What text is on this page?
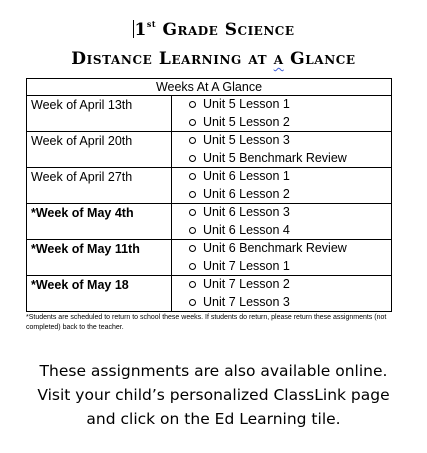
1st Grade Science
Distance Learning at a Glance
Weeks At A Glance	
Week of April 13th	Unit 5 Lesson 1
Unit 5 Lesson 2

Week of April 20th	Unit 5 Lesson 3
Unit 5 Benchmark Review

Week of April 27th	Unit 6 Lesson 1
Unit 6 Lesson 2

*Week of May 4th	Unit 6 Lesson 3
Unit 6 Lesson 4

*Week of May 11th	Unit 6 Benchmark Review
Unit 7 Lesson 1

*Week of May 18	Unit 7 Lesson 2
Unit 7 Lesson 3
*Students are scheduled to return to school these weeks. If students do return, please return these assignments (not completed) back to the teacher.
These assignments are also available online.
Visit your child’s personalized ClassLink page
and click on the Ed Learning tile.
